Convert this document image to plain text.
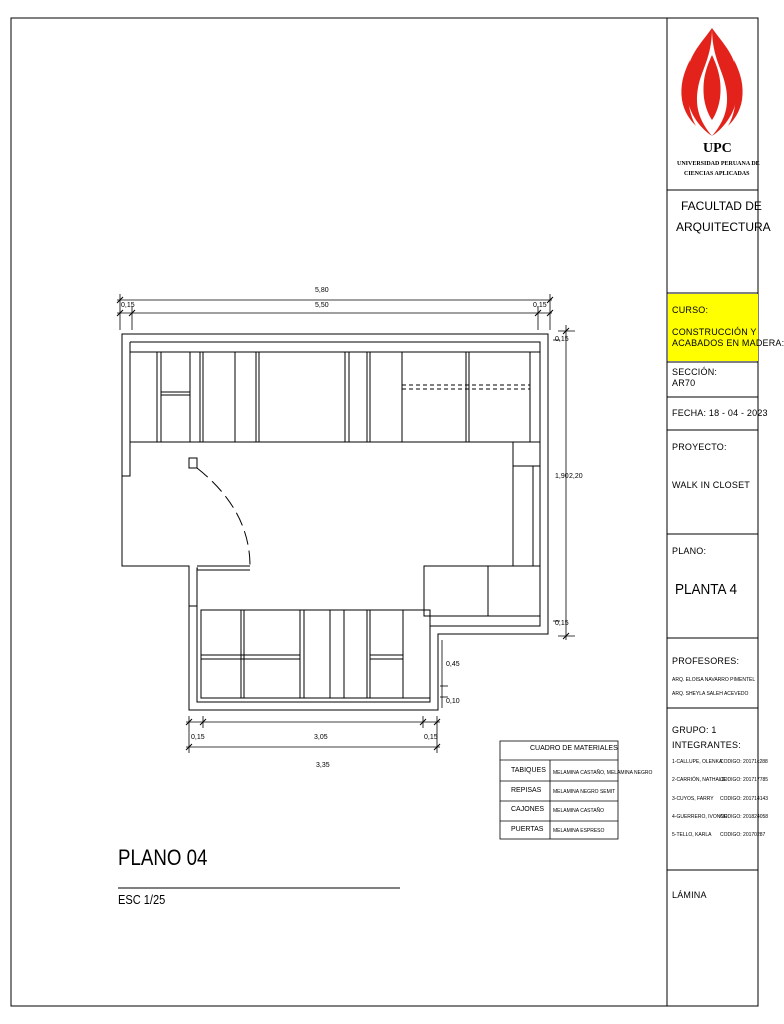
5,80
5,50
0,15	0,15
0,15
1,90 2,20
0,15
0,15	3,05	0,15
3,35
0,45
0,10
PLANO 04
ESC 1/25
CUADRO DE MATERIALES
TABIQUES MELAMINA CASTAÑO, MELAMINA NEGRO
REPISAS MELAMINA NEGRO SEMIT
CAJONES MELAMINA CASTAÑO
PUERTAS MELAMINA ESPRESO
UPC
UNIVERSIDAD PERUANA DE
CIENCIAS APLICADAS
FACULTAD DE
ARQUITECTURA
CURSO:
CONSTRUCCIÓN Y
ACABADOS EN MADERA:
SECCIÓN:
AR70
FECHA: 18 - 04 - 2023
PROYECTO:
WALK IN CLOSET
PLANO:
PLANTA 4
PROFESORES:
ARQ. ELOISA NAVARRO PIMENTEL
ARQ. SHEYLA SALEH ACEVEDO
GRUPO: 1
INTEGRANTES:
1-CALLUPE, OLENKA
CODIGO: 20171c288
2-CARRIÓN, NATHALIE
CODIGO: 201717785
3-CUYOS, FARRY CODIGO: 201714143
4-GUERRERO, IVONNE
CODIGO: 201824058
5-TELLO, KARLA CODIGO: 20170287
LÁMINA
